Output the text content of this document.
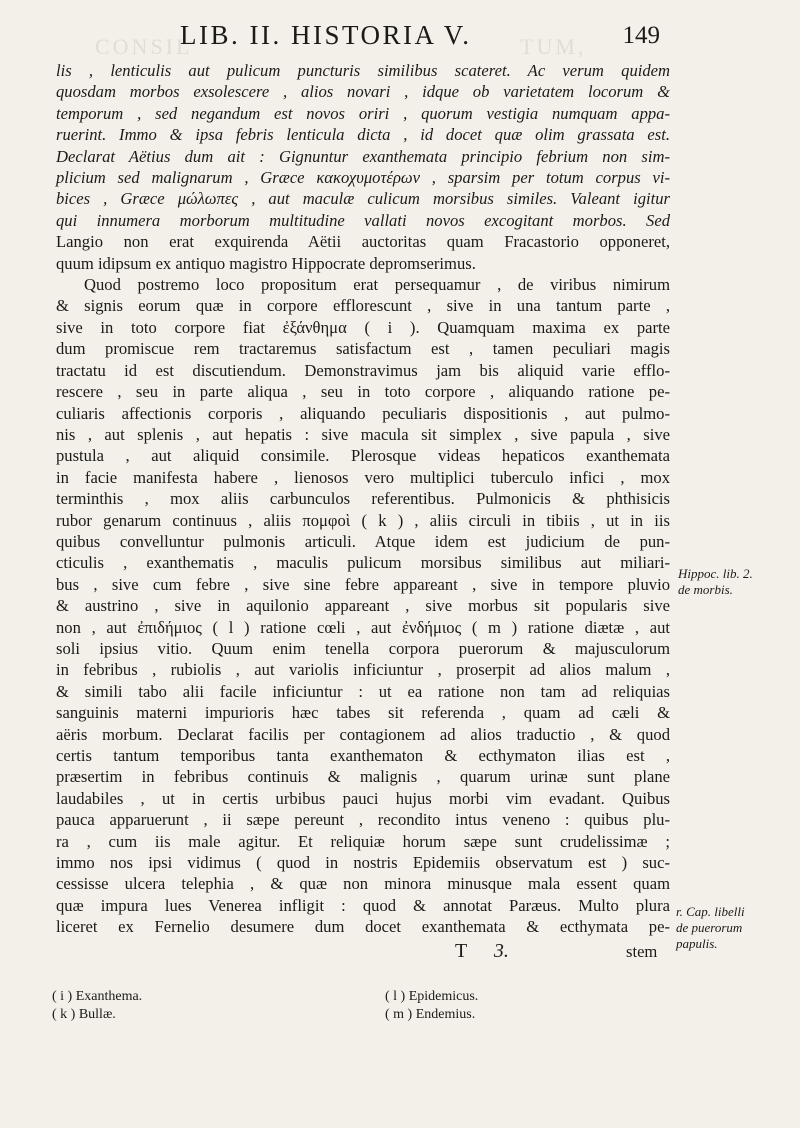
CONSIL	TUM,
LIB. II. HISTORIA V.	149
lis , lenticulis aut pulicum puncturis similibus scateret. Ac verum quidem
quosdam morbos exsolescere , alios novari , idque ob varietatem locorum &
temporum , sed negandum est novos oriri , quorum vestigia numquam appa-
ruerint. Immo & ipsa febris lenticula dicta , id docet quæ olim grassata est.
Declarat Aëtius dum ait : Gignuntur exanthemata principio febrium non sim-
plicium sed malignarum , Græce κακοχυμοτέρων , sparsim per totum corpus vi-
bices , Græce μώλωπες , aut maculæ culicum morsibus similes. Valeant igitur
qui innumera morborum multitudine vallati novos excogitant morbos. Sed
Langio non erat exquirenda Aëtii auctoritas quam Fracastorio opponeret,
quum idipsum ex antiquo magistro Hippocrate depromserimus.
Quod postremo loco propositum erat persequamur , de viribus nimirum
& signis eorum quæ in corpore efflorescunt , sive in una tantum parte ,
sive in toto corpore fiat ἐξάνθημα ( i ). Quamquam maxima ex parte
dum promiscue rem tractaremus satisfactum est , tamen peculiari magis
tractatu id est discutiendum. Demonstravimus jam bis aliquid varie efflo-
rescere , seu in parte aliqua , seu in toto corpore , aliquando ratione pe-
culiaris affectionis corporis , aliquando peculiaris dispositionis , aut pulmo-
nis , aut splenis , aut hepatis : sive macula sit simplex , sive papula , sive
pustula , aut aliquid consimile. Plerosque videas hepaticos exanthemata
in facie manifesta habere , lienosos vero multiplici tuberculo infici , mox
terminthis , mox aliis carbunculos referentibus. Pulmonicis & phthisicis
rubor genarum continuus , aliis πομφοὶ ( k ) , aliis circuli in tibiis , ut in iis
quibus convelluntur pulmonis articuli. Atque idem est judicium de pun-
cticulis , exanthematis , maculis pulicum morsibus similibus aut miliari-
bus , sive cum febre , sive sine febre appareant , sive in tempore pluvio
& austrino , sive in aquilonio appareant , sive morbus sit popularis sive
non , aut ἐπιδήμιος ( l ) ratione cœli , aut ἐνδήμιος ( m ) ratione diætæ , aut
soli ipsius vitio. Quum enim tenella corpora puerorum & majusculorum
in febribus , rubiolis , aut variolis inficiuntur , proserpit ad alios malum ,
& simili tabo alii facile inficiuntur : ut ea ratione non tam ad reliquias
sanguinis materni impurioris hæc tabes sit referenda , quam ad cæli &
aëris morbum. Declarat facilis per contagionem ad alios traductio , & quod
certis tantum temporibus tanta exanthematon & ecthymaton ilias est ,
præsertim in febribus continuis & malignis , quarum urinæ sunt plane
laudabiles , ut in certis urbibus pauci hujus morbi vim evadant. Quibus
pauca apparuerunt , ii sæpe pereunt , recondito intus veneno : quibus plu-
ra , cum iis male agitur. Et reliquiæ horum sæpe sunt crudelissimæ ;
immo nos ipsi vidimus ( quod in nostris Epidemiis observatum est ) suc-
cessisse ulcera telephia , & quæ non minora minusque mala essent quam
quæ impura lues Venerea infligit : quod & annotat Paræus. Multo plura
liceret ex Fernelio desumere dum docet exanthemata & ecthymata pe-
Hippoc. lib. 2.
de morbis.
r. Cap. libelli
de puerorum
papulis.
T 3.	stem
( i ) Exanthema.
( k ) Bullæ.
( l ) Epidemicus.
( m ) Endemius.
